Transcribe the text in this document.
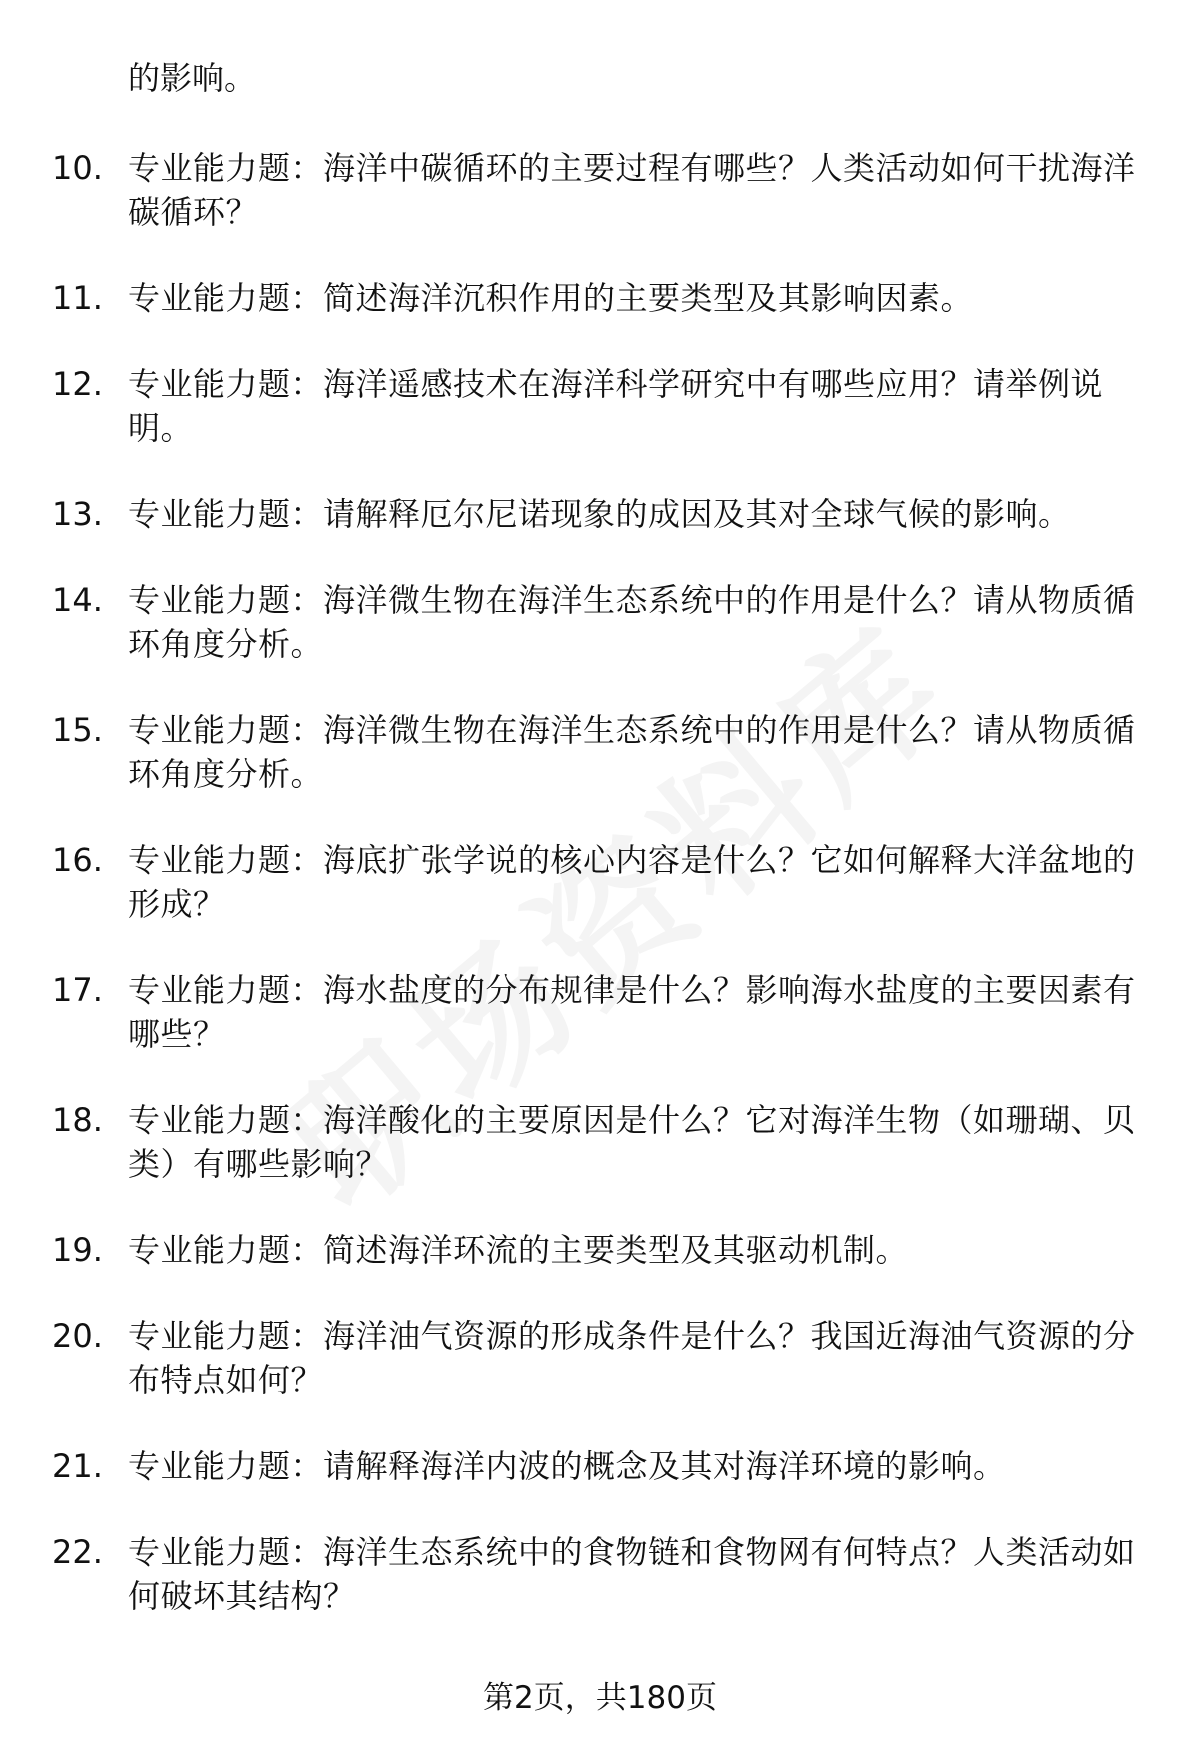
的影响。
10. 专业能力题：海洋中碳循环的主要过程有哪些？人类活动如何干扰海洋碳循环？
11. 专业能力题：简述海洋沉积作用的主要类型及其影响因素。
12. 专业能力题：海洋遥感技术在海洋科学研究中有哪些应用？请举例说明。
13. 专业能力题：请解释厄尔尼诺现象的成因及其对全球气候的影响。
14. 专业能力题：海洋微生物在海洋生态系统中的作用是什么？请从物质循环角度分析。
15. 专业能力题：海洋微生物在海洋生态系统中的作用是什么？请从物质循环角度分析。
16. 专业能力题：海底扩张学说的核心内容是什么？它如何解释大洋盆地的形成？
17. 专业能力题：海水盐度的分布规律是什么？影响海水盐度的主要因素有哪些？
18. 专业能力题：海洋酸化的主要原因是什么？它对海洋生物（如珊瑚、贝类）有哪些影响？
19. 专业能力题：简述海洋环流的主要类型及其驱动机制。
20. 专业能力题：海洋油气资源的形成条件是什么？我国近海油气资源的分布特点如何？
21. 专业能力题：请解释海洋内波的概念及其对海洋环境的影响。
22. 专业能力题：海洋生态系统中的食物链和食物网有何特点？人类活动如何破坏其结构？
第2页，共180页
